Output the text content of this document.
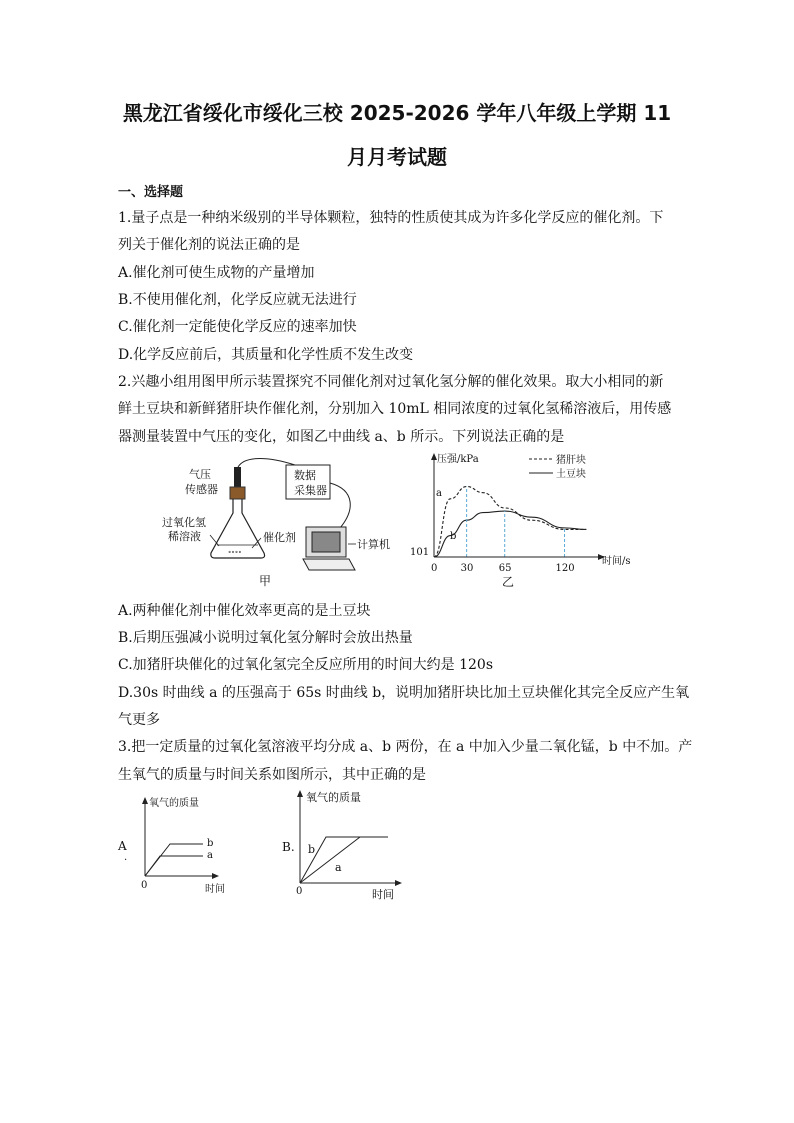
黑龙江省绥化市绥化三校 2025-2026 学年八年级上学期 11
月月考试题
一、选择题
1.量子点是一种纳米级别的半导体颗粒，独特的性质使其成为许多化学反应的催化剂。下
列关于催化剂的说法正确的是
A.催化剂可使生成物的产量增加
B.不使用催化剂，化学反应就无法进行
C.催化剂一定能使化学反应的速率加快
D.化学反应前后，其质量和化学性质不发生改变
2.兴趣小组用图甲所示装置探究不同催化剂对过氧化氢分解的催化效果。取大小相同的新
鲜土豆块和新鲜猪肝块作催化剂，分别加入 10mL 相同浓度的过氧化氢稀溶液后，用传感
器测量装置中气压的变化，如图乙中曲线 a、b 所示。下列说法正确的是
气压
传感器
∘∘∘∘
数据
采集器
过氧化氢
稀溶液	催化剂
计算机
甲
101
120
65
30
0
压强/kPa
时间/s
猪肝块
土豆块
a
b
乙
A.两种催化剂中催化效率更高的是土豆块
B.后期压强减小说明过氧化氢分解时会放出热量
C.加猪肝块催化的过氧化氢完全反应所用的时间大约是 120s
D.30s 时曲线 a 的压强高于 65s 时曲线 b，说明加猪肝块比加土豆块催化其完全反应产生氧
气更多
3.把一定质量的过氧化氢溶液平均分成 a、b 两份，在 a 中加入少量二氧化锰，b 中不加。产
生氧气的质量与时间关系如图所示，其中正确的是
A
.
氧气的质量
时间
0
b
a
B.
氧气的质量
时间
0
b
a
